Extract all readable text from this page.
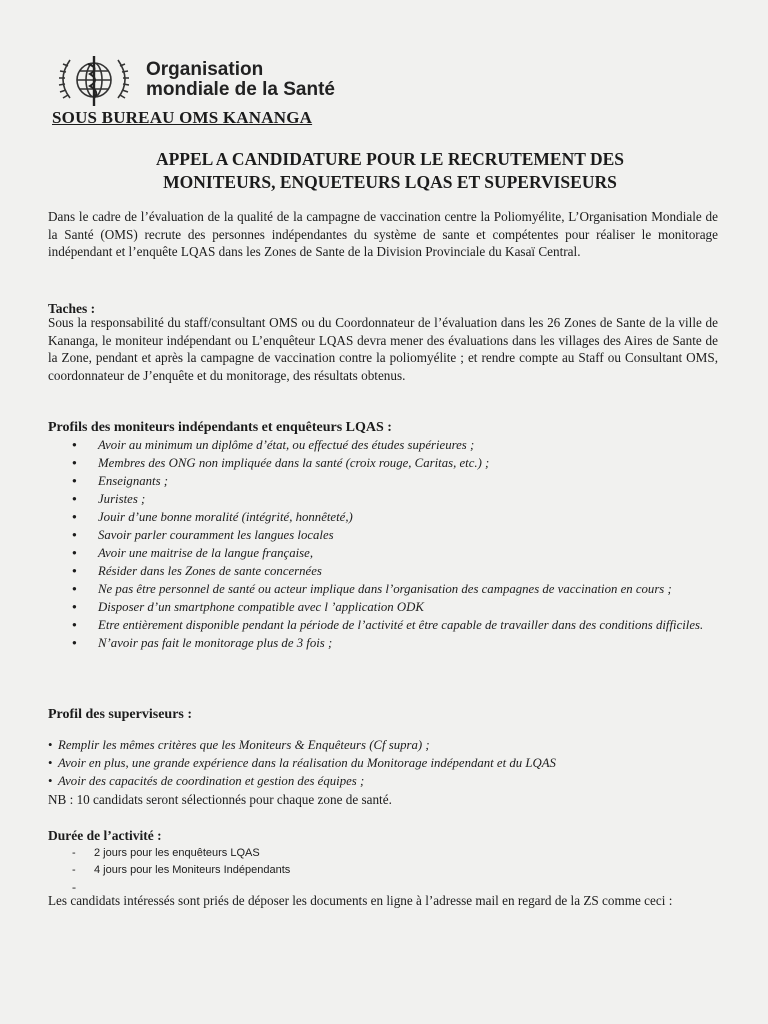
Organisation
mondiale de la Santé
SOUS BUREAU OMS KANANGA
APPEL A CANDIDATURE POUR LE RECRUTEMENT DES
MONITEURS, ENQUETEURS LQAS ET SUPERVISEURS
Dans le cadre de l’évaluation de la qualité de la campagne de vaccination centre la Poliomyélite, L’Organisation Mondiale de la Santé (OMS) recrute des personnes indépendantes du système de sante et compétentes pour réaliser le monitorage indépendant et l’enquête LQAS dans les Zones de Sante de la Division Provinciale du Kasaï Central.
Taches :
Sous la responsabilité du staff/consultant OMS ou du Coordonnateur de l’évaluation dans les 26 Zones de Sante de la ville de Kananga, le moniteur indépendant ou L’enquêteur LQAS devra mener des évaluations dans les villages des Aires de Sante de la Zone, pendant et après la campagne de vaccination contre la poliomyélite ; et rendre compte au Staff ou Consultant OMS, coordonnateur de J’enquête et du monitorage, des résultats obtenus.
Profils des moniteurs indépendants et enquêteurs LQAS :
● Avoir au minimum un diplôme d’état, ou effectué des études supérieures ;
● Membres des ONG non impliquée dans la santé (croix rouge, Caritas, etc.) ;
● Enseignants ;
● Juristes ;
● Jouir d’une bonne moralité (intégrité, honnêteté,)
● Savoir parler couramment les langues locales
● Avoir une maitrise de la langue française,
● Résider dans les Zones de sante concernées
● Ne pas être personnel de santé ou acteur implique dans l’organisation des campagnes de vaccination en cours ;
● Disposer d’un smartphone compatible avec l ’application ODK
● Etre entièrement disponible pendant la période de l’activité et être capable de travailler dans des conditions difficiles.
● N’avoir pas fait le monitorage plus de 3 fois ;
Profil des superviseurs :
• Remplir les mêmes critères que les Moniteurs & Enquêteurs (Cf supra) ;
• Avoir en plus, une grande expérience dans la réalisation du Monitorage indépendant et du LQAS
• Avoir des capacités de coordination et gestion des équipes ;
NB : 10 candidats seront sélectionnés pour chaque zone de santé.
Durée de l’activité :
- 2 jours pour les enquêteurs LQAS
- 4 jours pour les Moniteurs Indépendants
-
Les candidats intéressés sont priés de déposer les documents en ligne à l’adresse mail en regard de la ZS comme ceci :
